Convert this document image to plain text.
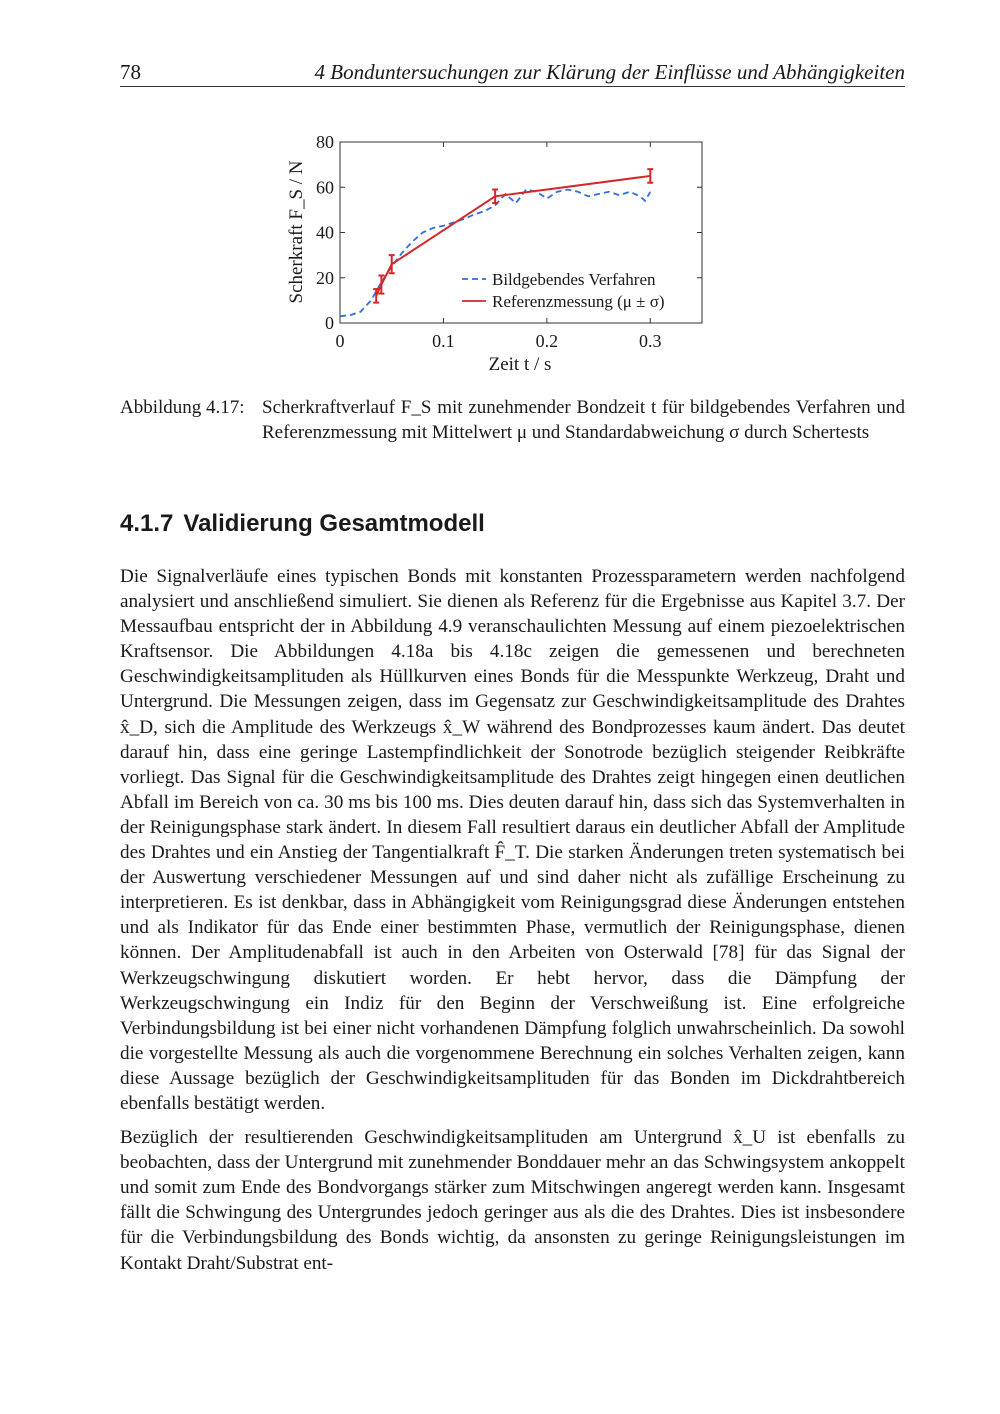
78	4 Bonduntersuchungen zur Klärung der Einflüsse und Abhängigkeiten
0	0.1	0.2	0.3
0
20
40
60
80
Scherkraft F_S / N
Zeit t / s
Bildgebendes Verfahren
Referenzmessung (μ ± σ)
Abbildung 4.17: Scherkraftverlauf F_S mit zunehmender Bondzeit t für bildgebendes Verfahren und Referenzmessung mit Mittelwert μ und Standardabweichung σ durch Schertests
4.1.7 Validierung Gesamtmodell

Die Signalverläufe eines typischen Bonds mit konstanten Prozessparametern werden nachfolgend analysiert und anschließend simuliert. Sie dienen als Referenz für die Ergebnisse aus Kapitel 3.7. Der Messaufbau entspricht der in Abbildung 4.9 veranschaulichten Messung auf einem piezoelektrischen Kraftsensor. Die Abbildungen 4.18a bis 4.18c zeigen die gemessenen und berechneten Geschwindigkeitsamplituden als Hüllkurven eines Bonds für die Messpunkte Werkzeug, Draht und Untergrund. Die Messungen zeigen, dass im Gegensatz zur Geschwindigkeitsamplitude des Drahtes x̂_D, sich die Amplitude des Werkzeugs x̂_W während des Bondprozesses kaum ändert. Das deutet darauf hin, dass eine geringe Lastempfindlichkeit der Sonotrode bezüglich steigender Reibkräfte vorliegt. Das Signal für die Geschwindigkeitsamplitude des Drahtes zeigt hingegen einen deutlichen Abfall im Bereich von ca. 30 ms bis 100 ms. Dies deuten darauf hin, dass sich das Systemverhalten in der Reinigungsphase stark ändert. In diesem Fall resultiert daraus ein deutlicher Abfall der Amplitude des Drahtes und ein Anstieg der Tangentialkraft F̂_T. Die starken Änderungen treten systematisch bei der Auswertung verschiedener Messungen auf und sind daher nicht als zufällige Erscheinung zu interpretieren. Es ist denkbar, dass in Abhängigkeit vom Reinigungsgrad diese Änderungen entstehen und als Indikator für das Ende einer bestimmten Phase, vermutlich der Reinigungsphase, dienen können. Der Amplitudenabfall ist auch in den Arbeiten von Osterwald [78] für das Signal der Werkzeugschwingung diskutiert worden. Er hebt hervor, dass die Dämpfung der Werkzeugschwingung ein Indiz für den Beginn der Verschweißung ist. Eine erfolgreiche Verbindungsbildung ist bei einer nicht vorhandenen Dämpfung folglich unwahrscheinlich. Da sowohl die vorgestellte Messung als auch die vorgenommene Berechnung ein solches Verhalten zeigen, kann diese Aussage bezüglich der Geschwindigkeitsamplituden für das Bonden im Dickdrahtbereich ebenfalls bestätigt werden.

Bezüglich der resultierenden Geschwindigkeitsamplituden am Untergrund x̂_U ist ebenfalls zu beobachten, dass der Untergrund mit zunehmender Bonddauer mehr an das Schwingsystem ankoppelt und somit zum Ende des Bondvorgangs stärker zum Mitschwingen angeregt werden kann. Insgesamt fällt die Schwingung des Untergrundes jedoch geringer aus als die des Drahtes. Dies ist insbesondere für die Verbindungsbildung des Bonds wichtig, da ansonsten zu geringe Reinigungsleistungen im Kontakt Draht/Substrat ent-
